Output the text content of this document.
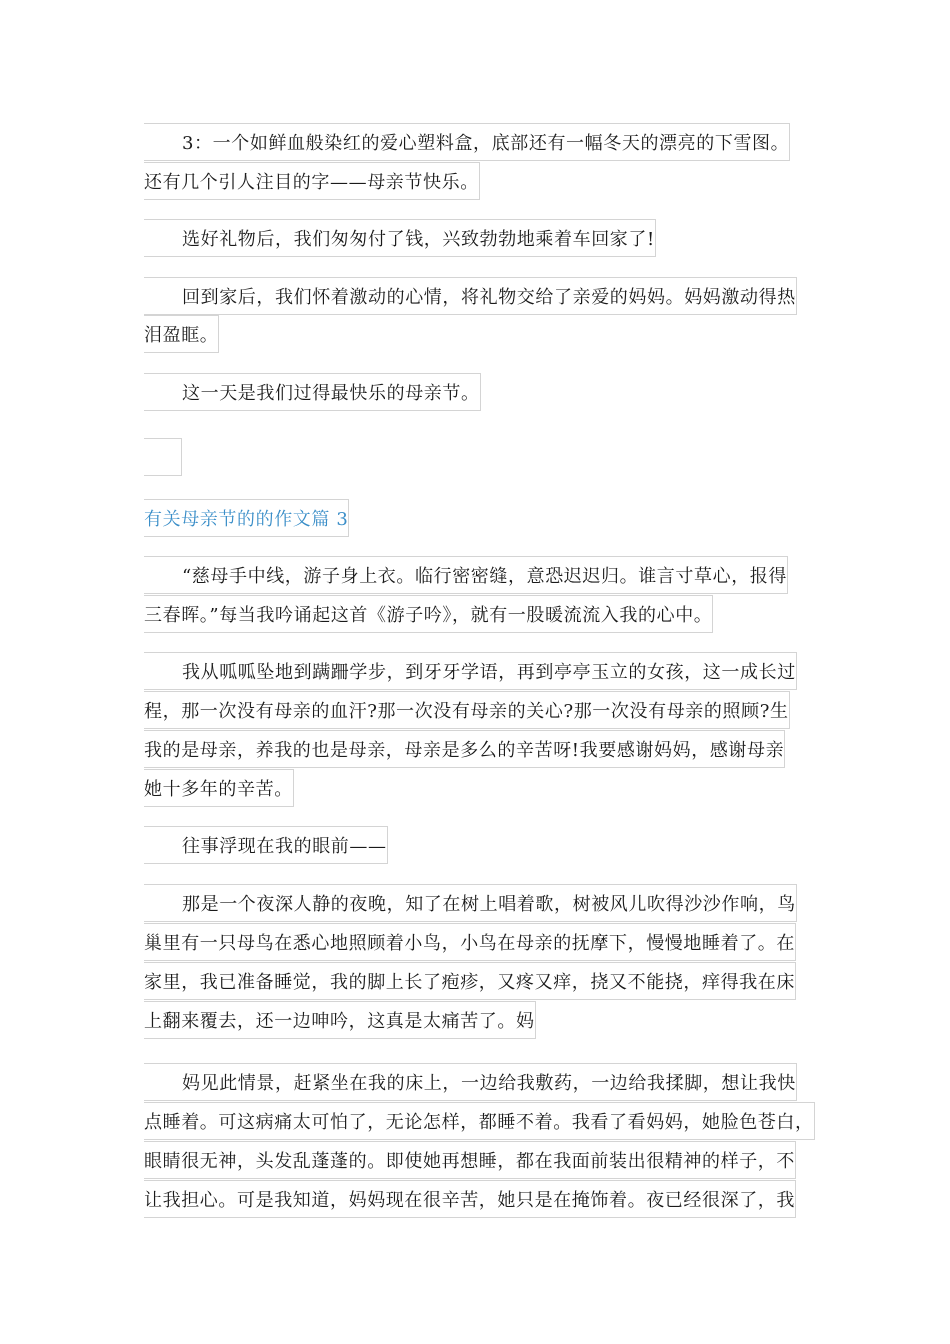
3：一个如鲜血般染红的爱心塑料盒，底部还有一幅冬天的漂亮的下雪图。
还有几个引人注目的字——母亲节快乐。
选好礼物后，我们匆匆付了钱，兴致勃勃地乘着车回家了!
回到家后，我们怀着激动的心情，将礼物交给了亲爱的妈妈。妈妈激动得热
泪盈眶。
这一天是我们过得最快乐的母亲节。
有关母亲节的的作文篇 3
“慈母手中线，游子身上衣。临行密密缝，意恐迟迟归。谁言寸草心，报得
三春晖。”每当我吟诵起这首《游子吟》，就有一股暖流流入我的心中。
我从呱呱坠地到蹒跚学步，到牙牙学语，再到亭亭玉立的女孩，这一成长过
程，那一次没有母亲的血汗?那一次没有母亲的关心?那一次没有母亲的照顾?生
我的是母亲，养我的也是母亲，母亲是多么的辛苦呀!我要感谢妈妈，感谢母亲
她十多年的辛苦。
往事浮现在我的眼前——
那是一个夜深人静的夜晚，知了在树上唱着歌，树被风儿吹得沙沙作响，鸟
巢里有一只母鸟在悉心地照顾着小鸟，小鸟在母亲的抚摩下，慢慢地睡着了。在
家里，我已准备睡觉，我的脚上长了疱疹，又疼又痒，挠又不能挠，痒得我在床
上翻来覆去，还一边呻吟，这真是太痛苦了。妈
妈见此情景，赶紧坐在我的床上，一边给我敷药，一边给我揉脚，想让我快
点睡着。可这病痛太可怕了，无论怎样，都睡不着。我看了看妈妈，她脸色苍白，
眼睛很无神，头发乱蓬蓬的。即使她再想睡，都在我面前装出很精神的样子，不
让我担心。可是我知道，妈妈现在很辛苦，她只是在掩饰着。夜已经很深了，我
